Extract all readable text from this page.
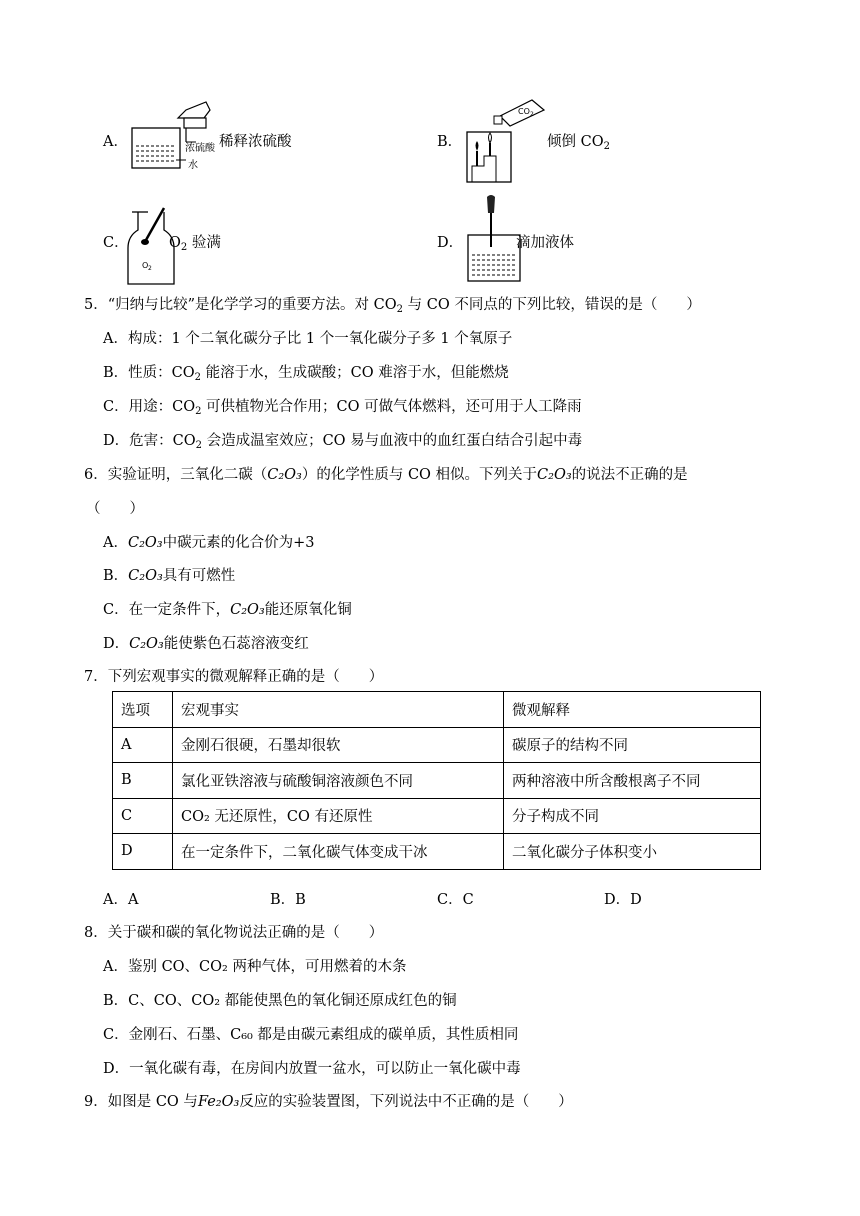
A．	浓硫酸
水
稀释浓硫酸	B．
CO 2
倾倒 $CO_2$
C．
O 2
$O_2$ 验满	D．	滴加液体
5．“归纳与比较”是化学学习的重要方法。对 $CO_2$ 与 CO 不同点的下列比较，错误的是（　　）
A．构成：1 个二氧化碳分子比 1 个一氧化碳分子多 1 个氧原子
B．性质：$CO_2$ 能溶于水，生成碳酸；CO 难溶于水，但能燃烧
C．用途：$CO_2$ 可供植物光合作用；CO 可做气体燃料，还可用于人工降雨
D．危害：$CO_2$ 会造成温室效应；CO 易与血液中的血红蛋白结合引起中毒
6．实验证明，三氧化二碳（C₂O₃）的化学性质与 CO 相似。下列关于C₂O₃的说法不正确的是
（　　）
A．C₂O₃中碳元素的化合价为+3
B．C₂O₃具有可燃性
C．在一定条件下，C₂O₃能还原氧化铜
D．C₂O₃能使紫色石蕊溶液变红
7．下列宏观事实的微观解释正确的是（　　）
选项	宏观事实	微观解释
A	金刚石很硬，石墨却很软	碳原子的结构不同
B	氯化亚铁溶液与硫酸铜溶液颜色不同	两种溶液中所含酸根离子不同
C	CO₂ 无还原性，CO 有还原性	分子构成不同
D	在一定条件下，二氧化碳气体变成干冰	二氧化碳分子体积变小
A．A	B．B	C．C	D．D
8．关于碳和碳的氧化物说法正确的是（　　）
A．鉴别 CO、CO₂ 两种气体，可用燃着的木条
B．C、CO、CO₂ 都能使黑色的氧化铜还原成红色的铜
C．金刚石、石墨、C₆₀ 都是由碳元素组成的碳单质，其性质相同
D．一氧化碳有毒，在房间内放置一盆水，可以防止一氧化碳中毒
9．如图是 CO 与Fe₂O₃反应的实验装置图，下列说法中不正确的是（　　）
